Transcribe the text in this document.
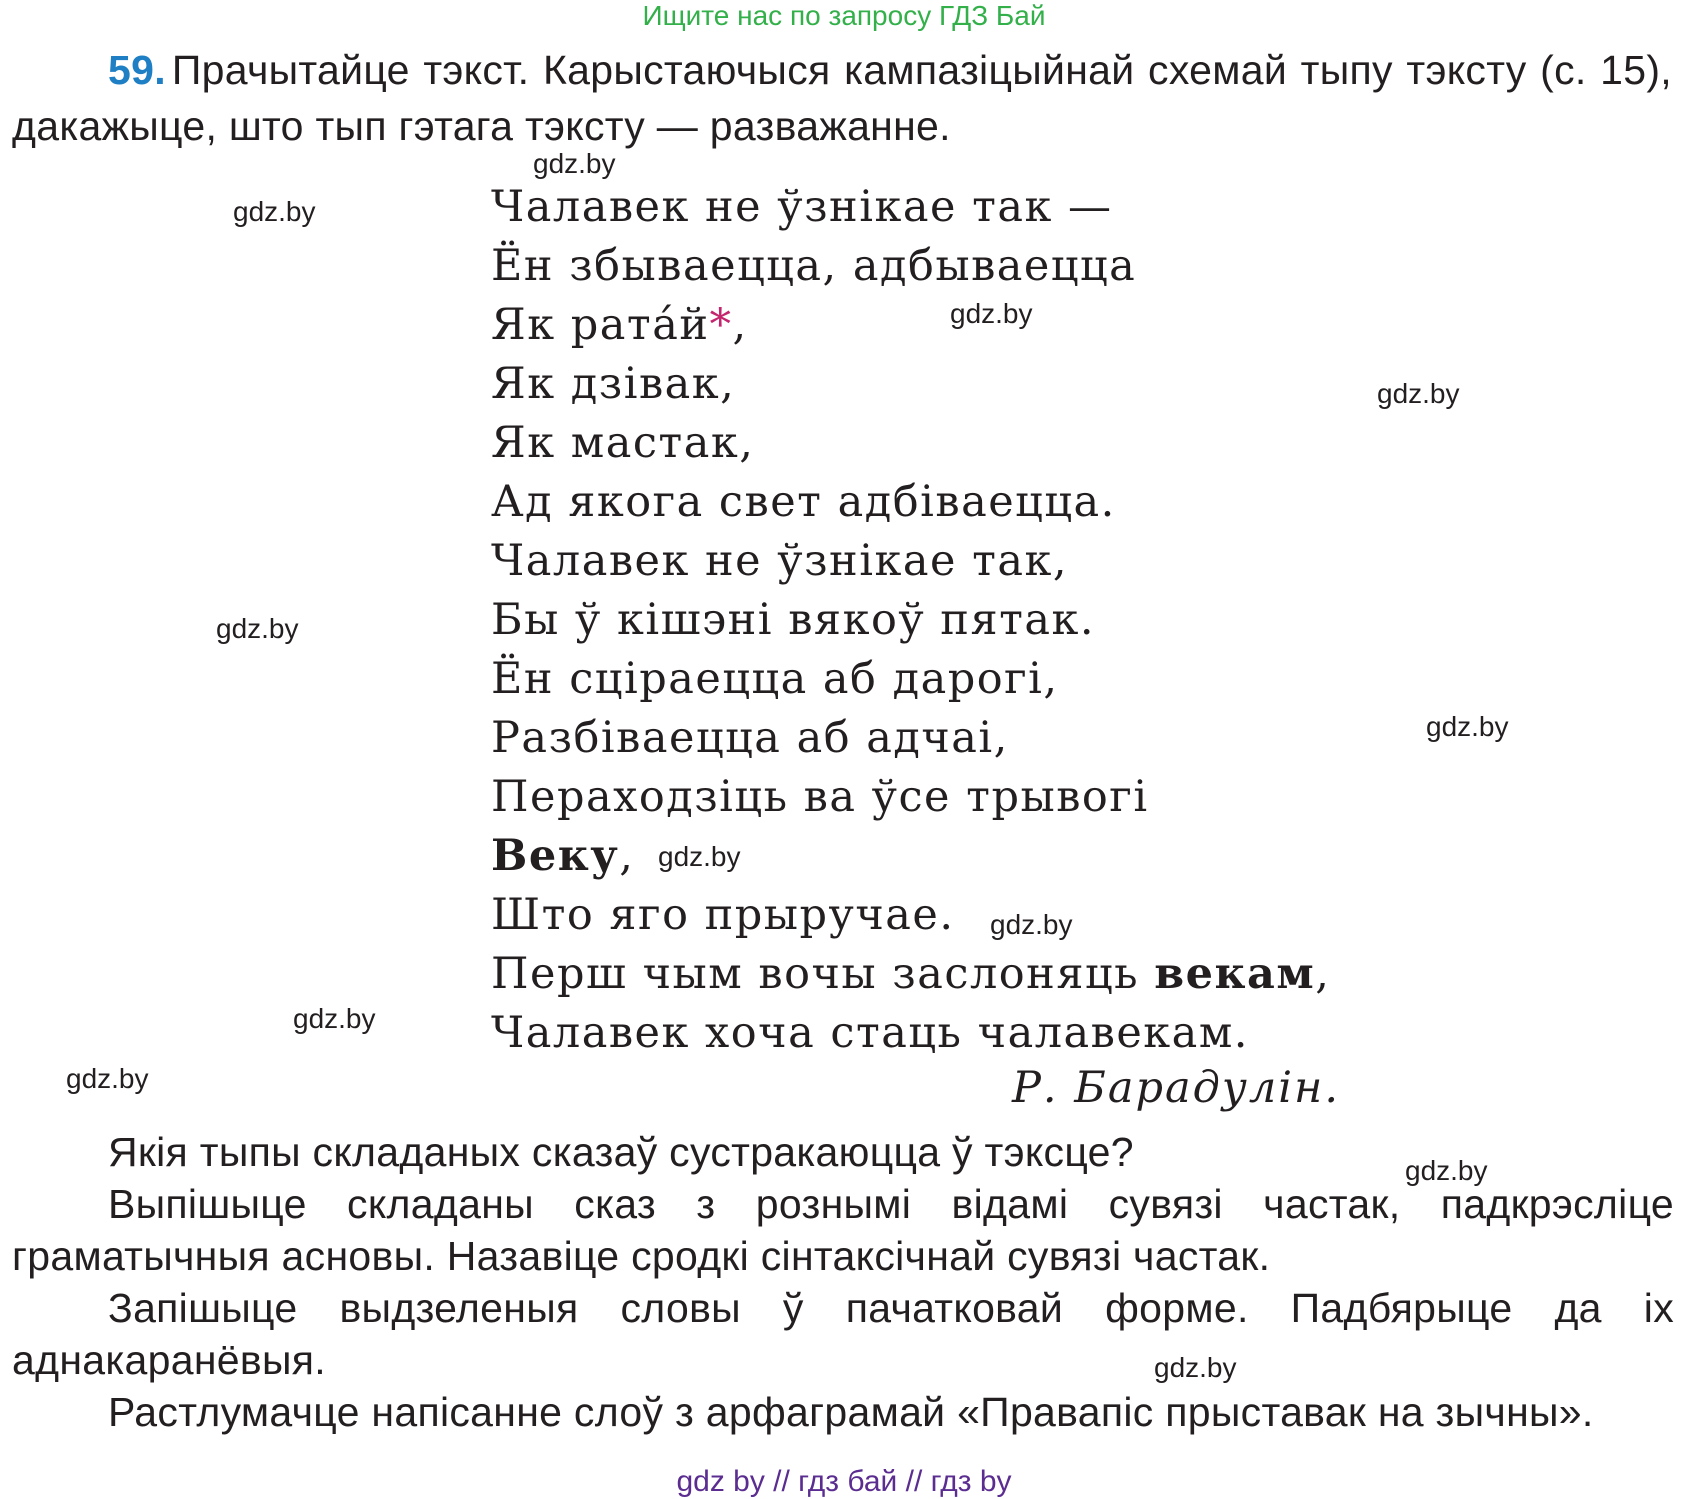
Ищите нас по запросу ГДЗ Бай
59. Прачытайце тэкст. Карыстаючыся кампазіцыйнай схемай тыпу тэксту (с. 15), дакажыце, што тып гэтага тэксту — разважанне.
Чалавек не ўзнікае так —
Ён збываецца, адбываецца
Як рата́й*,
Як дзівак,
Як мастак,
Ад якога свет адбіваецца.
Чалавек не ўзнікае так,
Бы ў кішэні вякоў пятак.
Ён сціраецца аб дарогі,
Разбіваецца аб адчаі,
Пераходзіць ва ўсе трывогі
Веку,
Што яго прыручае.
Перш чым вочы заслоняць векам,
Чалавек хоча стаць чалавекам.
Р. Барадулін.

Якія тыпы складаных сказаў сустракаюцца ў тэксце?

Выпішыце складаны сказ з рознымі відамі сувязі частак, падкрэсліце граматычныя асновы. Назавіце сродкі сінтаксічнай сувязі частак.

Запішыце выдзеленыя словы ў пачатковай форме. Падбярыце да іх аднакаранёвыя.

Растлумачце напісанне слоў з арфаграмай «Правапіс прыставак на зычны».

gdz.by
gdz.by
gdz.by
gdz.by
gdz.by
gdz.by
gdz.by
gdz.by
gdz.by
gdz.by
gdz.by
gdz.by
gdz by // гдз бай // гдз by
